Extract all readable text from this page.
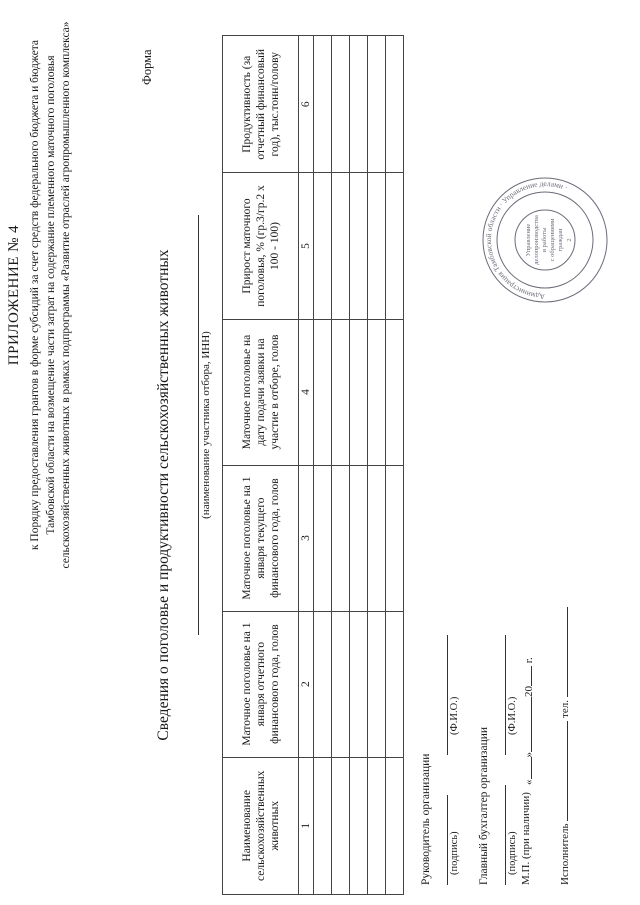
ПРИЛОЖЕНИЕ № 4 к Порядку предоставления грантов в форме субсидий за счет средств федерального бюджета и бюджета Тамбовской области на возмещение части затрат на содержание племенного маточного поголовья сельскохозяйственных животных в рамках подпрограммы «Развитие отраслей агропромышленного комплекса»	Форма
Сведения о поголовье и продуктивности сельскохозяйственных животных	(наименование участника отбора, ИНН)
Наименование сельскохозяйственных животных	Маточное поголовье на 1 января отчетного финансового года, голов	Маточное поголовье на 1 января текущего финансового года, голов	Маточное поголовье на дату подачи заявки на участие в отборе, голов	Прирост маточного поголовья, % (гр.3/гр.2 х 100 - 100)	Продуктивность (за отчетный финансовый год), тыс.тонн/голову
1	2	3	4	5	6

Руководитель организации (подпись)
(Ф.И.О.)
Главный бухгалтер организации (подпись)
(Ф.И.О.)
М.П. (при наличии)
«»20 г.
Исполнитель  тел.
Администрация Тамбовской области · Управление делами ·
Управление делопроизводства и работы с обращениями граждан 2
